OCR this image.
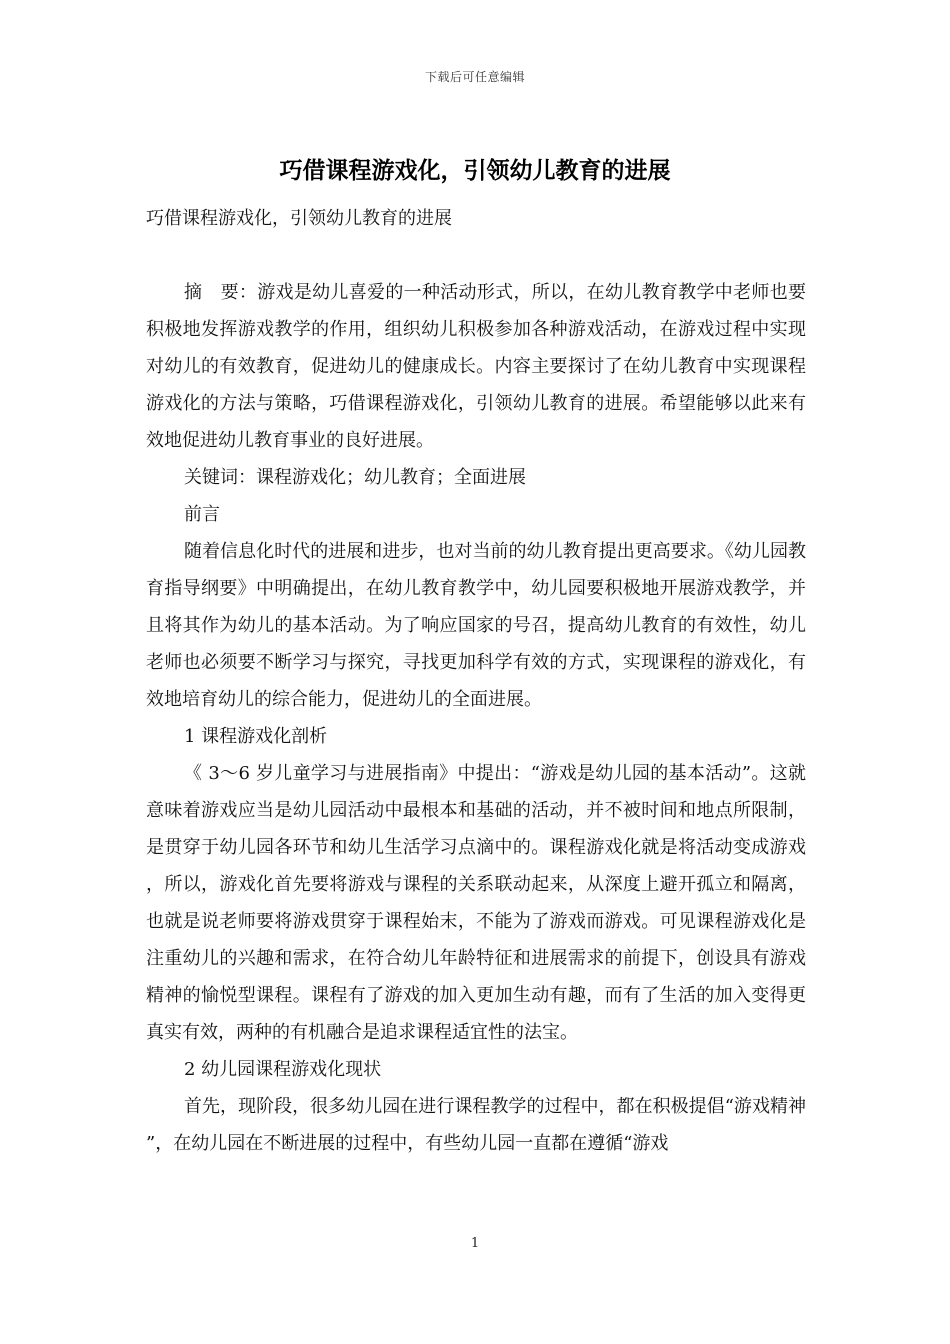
下载后可任意编辑
巧借课程游戏化，引领幼儿教育的进展

巧借课程游戏化，引领幼儿教育的进展

摘　要：游戏是幼儿喜爱的一种活动形式，所以，在幼儿教育教学中老师也要积极地发挥游戏教学的作用，组织幼儿积极参加各种游戏活动，在游戏过程中实现对幼儿的有效教育，促进幼儿的健康成长。内容主要探讨了在幼儿教育中实现课程游戏化的方法与策略，巧借课程游戏化，引领幼儿教育的进展。希望能够以此来有效地促进幼儿教育事业的良好进展。

关键词：课程游戏化；幼儿教育；全面进展

前言

随着信息化时代的进展和进步，也对当前的幼儿教育提出更高要求。《幼儿园教育指导纲要》中明确提出，在幼儿教育教学中，幼儿园要积极地开展游戏教学，并且将其作为幼儿的基本活动。为了响应国家的号召，提高幼儿教育的有效性，幼儿老师也必须要不断学习与探究，寻找更加科学有效的方式，实现课程的游戏化，有效地培育幼儿的综合能力，促进幼儿的全面进展。

1 课程游戏化剖析

《 3～6 岁儿童学习与进展指南》中提出：“游戏是幼儿园的基本活动”。这就意味着游戏应当是幼儿园活动中最根本和基础的活动，并不被时间和地点所限制，是贯穿于幼儿园各环节和幼儿生活学习点滴中的。课程游戏化就是将活动变成游戏，所以，游戏化首先要将游戏与课程的关系联动起来，从深度上避开孤立和隔离，也就是说老师要将游戏贯穿于课程始末，不能为了游戏而游戏。可见课程游戏化是注重幼儿的兴趣和需求，在符合幼儿年龄特征和进展需求的前提下，创设具有游戏精神的愉悦型课程。课程有了游戏的加入更加生动有趣，而有了生活的加入变得更真实有效，两种的有机融合是追求课程适宜性的法宝。

2 幼儿园课程游戏化现状

首先，现阶段，很多幼儿园在进行课程教学的过程中，都在积极提倡“游戏精神”，在幼儿园在不断进展的过程中，有些幼儿园一直都在遵循“游戏

1
